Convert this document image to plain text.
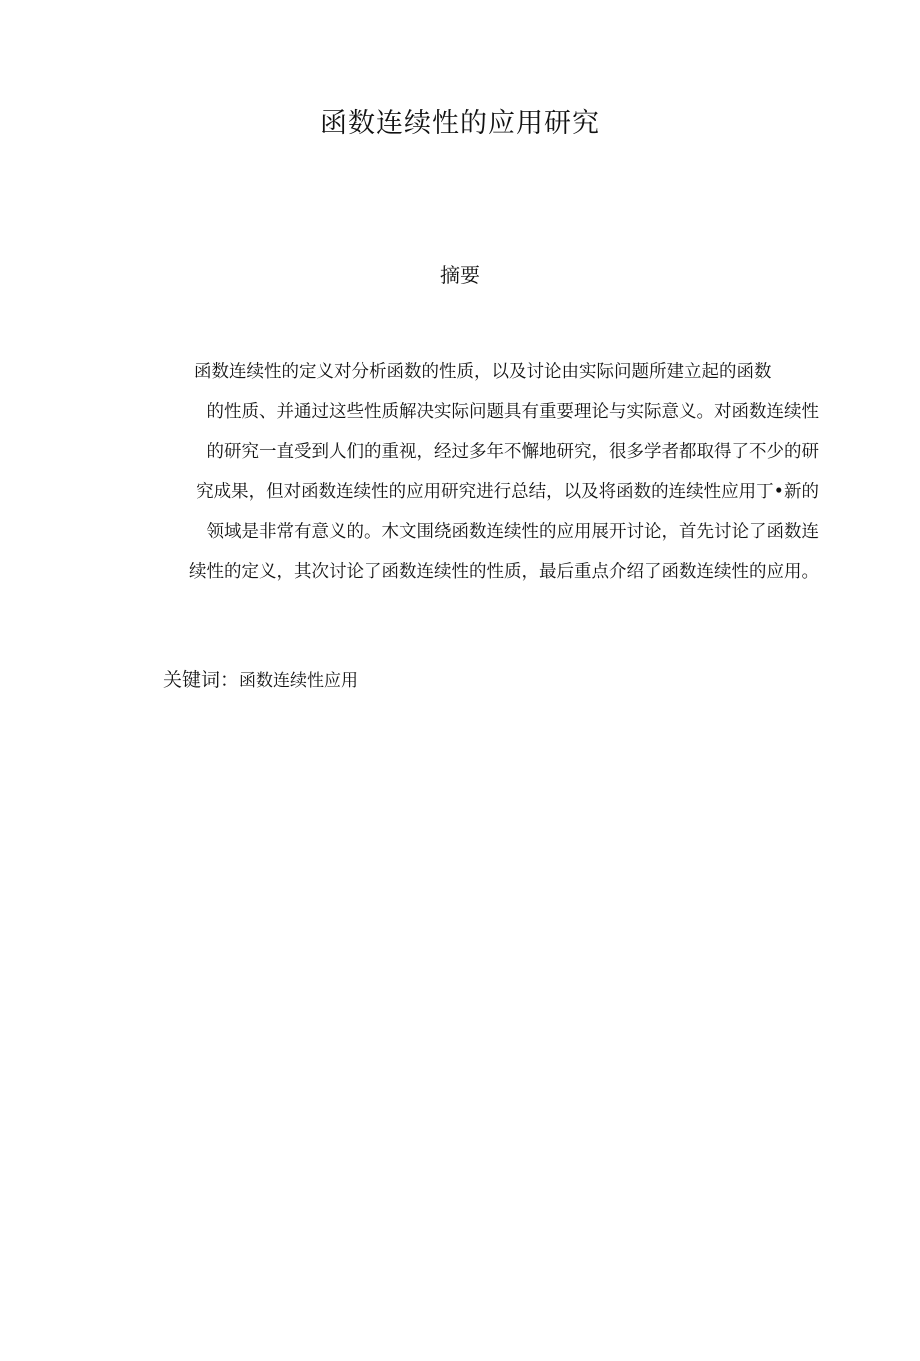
函数连续性的应用研究
摘要
函数连续性的定义对分析函数的性质，以及讨论由实际问题所建立起的函数
的性质、并通过这些性质解决实际问题具有重要理论与实际意义。对函数连续性
的研究一直受到人们的重视，经过多年不懈地研究，很多学者都取得了不少的研
究成果，但对函数连续性的应用研究进行总结，以及将函数的连续性应用丁•新的
领域是非常有意义的。木文围绕函数连续性的应用展开讨论，首先讨论了函数连
续性的定义，其次讨论了函数连续性的性质，最后重点介绍了函数连续性的应用。
关键词：函数连续性应用
